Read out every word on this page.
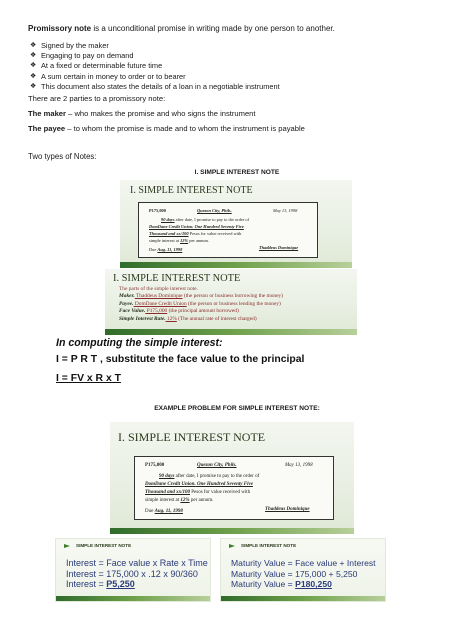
Promissory note is a unconditional promise in writing made by one person to another.

❖ Signed by the maker
❖ Engaging to pay on demand
❖ At a fixed or determinable future time
❖ A sum certain in money to order or to bearer
❖ This document also states the details of a loan in a negotiable instrument

There are 2 parties to a promissory note:

The maker – who makes the promise and who signs the instrument

The payee – to whom the promise is made and to whom the instrument is payable

Two types of Notes:

I. SIMPLE INTEREST NOTE

I. SIMPLE INTEREST NOTE
P175,000	Quezon City, Phils.	May 13, 1998
90 days after date, I promise to pay to the order of
DomDane Credit Union. One Hundred Seventy Five
Thousand and xx/100 Pesos for value received with
simple interest at 12% per annum.
Due Aug. 11, 1998	Thaddeus Dominique
I. SIMPLE INTEREST NOTE
The parts of the simple interest note.
Maker. Thaddeus Dominique (the person or business borrowing the money)
Payee. DomDane Credit Union (the person or business lending the money)
Face Value. P175,000 (the principal amount borrowed)
Simple Interest Rate. 12% (The annual rate of interest charged)

In computing the simple interest:

I = P R T , substitute the face value to the principal

I = FV x R x T

EXAMPLE PROBLEM FOR SIMPLE INTEREST NOTE:

I. SIMPLE INTEREST NOTE
P175,000	Quezon City, Phils.	May 13, 1998
90 days after date, I promise to pay to the order of
DomDane Credit Union. One Hundred Seventy Five
Thousand and xx/100 Pesos for value received with
simple interest at 12% per annum.
Due Aug. 11, 1998	Thaddeus Dominique
SIMPLE INTEREST NOTE
Interest = Face value x Rate x Time
Interest = 175,000 x .12 x 90/360
Interest = P5,250
SIMPLE INTEREST NOTE
Maturity Value = Face value + Interest
Maturity Value = 175,000 + 5,250
Maturity Value = P180,250
